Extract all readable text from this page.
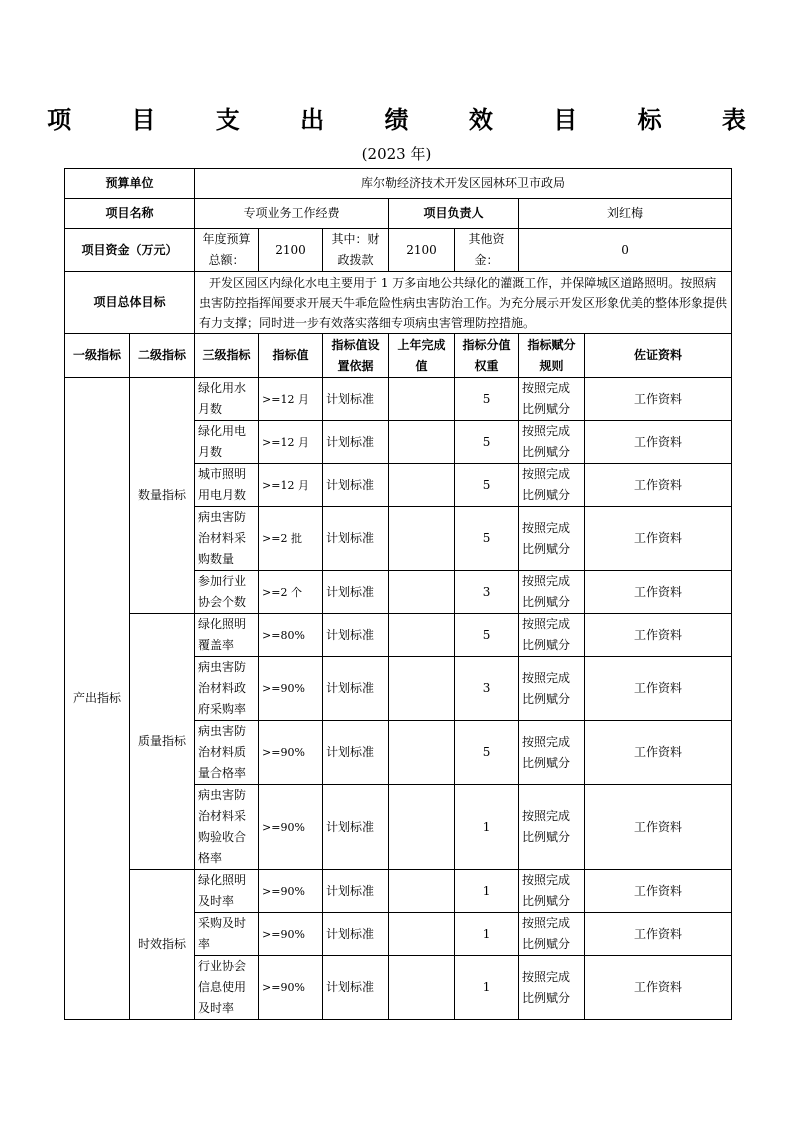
项 目 支 出 绩 效 目 标 表
(2023 年)
预算单位		库尔勒经济技术开发区园林环卫市政局						
项目名称		专项业务工作经费			项目负责人		刘红梅	
项目资金（万元）		年度预算总额：	2100	其中：财政拨款	2100	其他资金：	0	
项目总体目标		开发区园区内绿化水电主要用于 1 万多亩地公共绿化的灌溉工作，并保障城区道路照明。按照病虫害防控指挥闻要求开展天牛乖危险性病虫害防治工作。为充分展示开发区形象优美的整体形象提供有力支撑；同时进一步有效落实落细专项病虫害管理防控措施。						
一级指标	二级指标	三级指标	指标值	指标值设置依据	上年完成值	指标分值权重	指标赋分规则	佐证资料
产出指标	数量指标	绿化用水月数	>=12 月	计划标准		5	按照完成比例赋分	工作资料
		绿化用电月数	>=12 月	计划标准		5	按照完成比例赋分	工作资料
		城市照明用电月数	>=12 月	计划标准		5	按照完成比例赋分	工作资料
		病虫害防治材料采购数量	>=2 批	计划标准		5	按照完成比例赋分	工作资料
		参加行业协会个数	>=2 个	计划标准		3	按照完成比例赋分	工作资料
	质量指标	绿化照明覆盖率	>=80%	计划标准		5	按照完成比例赋分	工作资料
		病虫害防治材料政府采购率	>=90%	计划标准		3	按照完成比例赋分	工作资料
		病虫害防治材料质量合格率	>=90%	计划标准		5	按照完成比例赋分	工作资料
		病虫害防治材料采购验收合格率	>=90%	计划标准		1	按照完成比例赋分	工作资料
	时效指标	绿化照明及时率	>=90%	计划标准		1	按照完成比例赋分	工作资料
		采购及时率	>=90%	计划标准		1	按照完成比例赋分	工作资料
		行业协会信息使用及时率	>=90%	计划标准		1	按照完成比例赋分	工作资料
